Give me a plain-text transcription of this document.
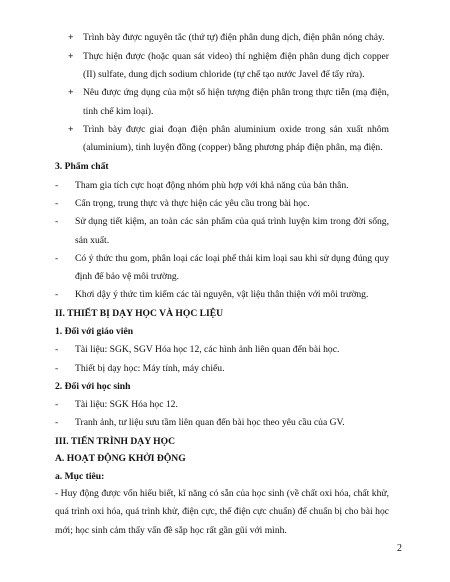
+ Trình bày được nguyên tắc (thứ tự) điện phân dung dịch, điện phân nóng chảy.
+ Thực hiện được (hoặc quan sát video) thí nghiệm điện phân dung dịch copper
(II) sulfate, dung dịch sodium chloride (tự chế tạo nước Javel để tẩy rửa).
+ Nêu được ứng dụng của một số hiện tượng điện phân trong thực tiễn (mạ điện,
tinh chế kim loại).
+ Trình bày được giai đoạn điện phân aluminium oxide trong sản xuất nhôm
(aluminium), tinh luyện đồng (copper) bằng phương pháp điện phân, mạ điện.
3. Phẩm chất
- Tham gia tích cực hoạt động nhóm phù hợp với khả năng của bản thân.
- Cẩn trọng, trung thực và thực hiện các yêu cầu trong bài học.
- Sử dụng tiết kiệm, an toàn các sản phẩm của quá trình luyện kim trong đời sống,
sản xuất.
- Có ý thức thu gom, phân loại các loại phế thải kim loại sau khi sử dụng đúng quy
định để bảo vệ môi trường.
- Khơi dậy ý thức tìm kiếm các tài nguyên, vật liệu thân thiện với môi trường.
II. THIẾT BỊ DẠY HỌC VÀ HỌC LIỆU
1. Đối với giáo viên
- Tài liệu: SGK, SGV Hóa học 12, các hình ảnh liên quan đến bài học.
- Thiết bị dạy học: Máy tính, máy chiếu.
2. Đối với học sinh
- Tài liệu: SGK Hóa học 12.
- Tranh ảnh, tư liệu sưu tầm liên quan đến bài học theo yêu cầu của GV.
III. TIẾN TRÌNH DẠY HỌC
A. HOẠT ĐỘNG KHỞI ĐỘNG
a. Mục tiêu:
- Huy động được vốn hiểu biết, kĩ năng có sẵn của học sinh (về chất oxi hóa, chất khử,
quá trình oxi hóa, quá trình khử, điện cực, thế điện cực chuẩn) để chuẩn bị cho bài học
mới; học sinh cảm thấy vấn đề sắp học rất gần gũi với mình.
2
